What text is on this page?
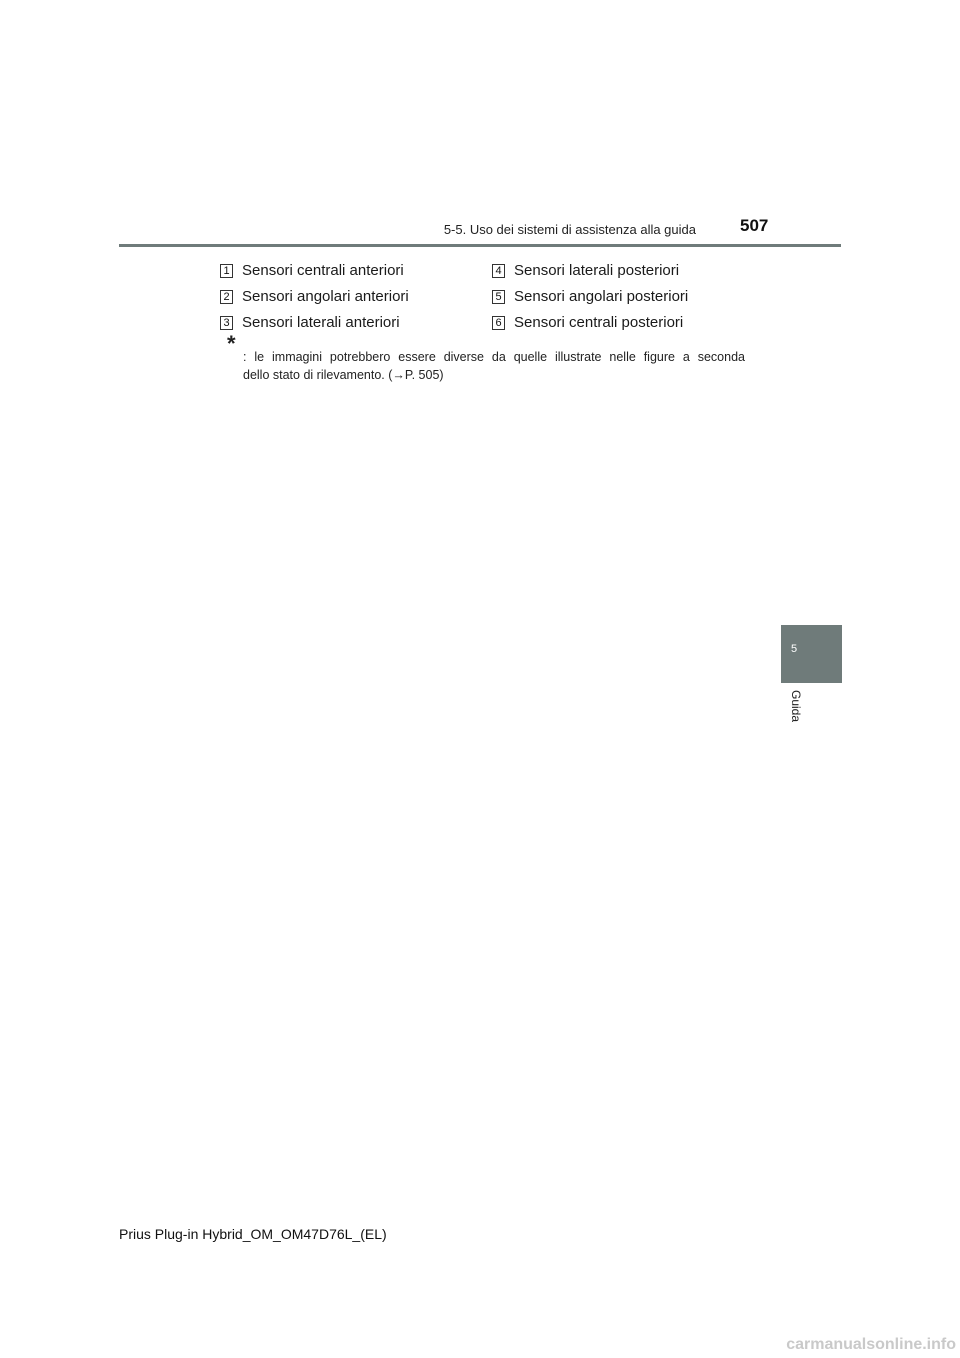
5-5. Uso dei sistemi di assistenza alla guida	507
1 Sensori centrali anteriori
2 Sensori angolari anteriori
3 Sensori laterali anteriori
4 Sensori laterali posteriori
5 Sensori angolari posteriori
6 Sensori centrali posteriori
*
: le immagini potrebbero essere diverse da quelle illustrate nelle figure a seconda
dello stato di rilevamento. (→P. 505)
5
Guida
Prius Plug-in Hybrid_OM_OM47D76L_(EL)
carmanualsonline.info
